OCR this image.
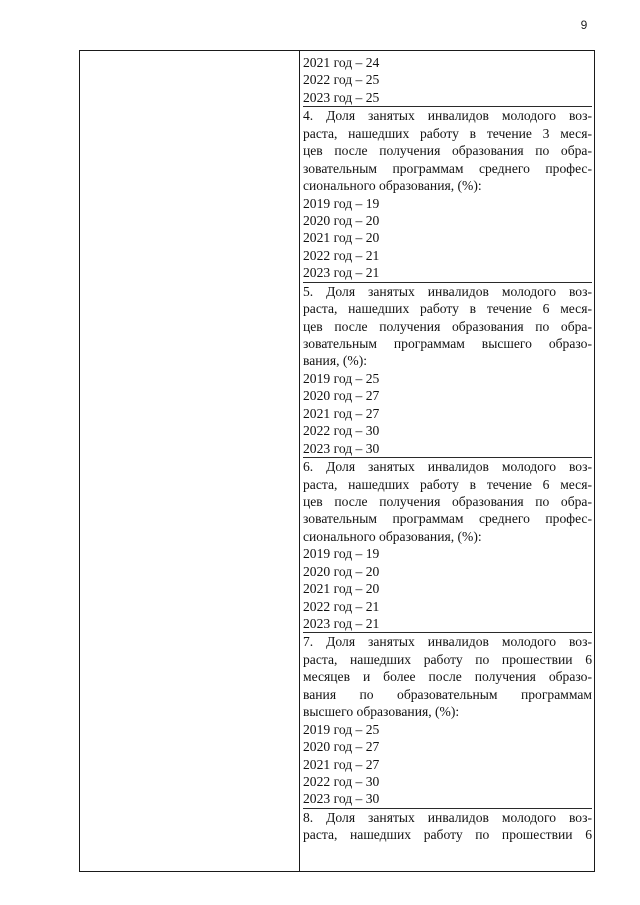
9
2021 год – 24
2022 год – 25
2023 год – 25
4. Доля занятых инвалидов молодого воз-
раста, нашедших работу в течение 3 меся-
цев после получения образования по обра-
зовательным программам среднего профес-
сионального образования, (%):
2019 год – 19
2020 год – 20
2021 год – 20
2022 год – 21
2023 год – 21
5. Доля занятых инвалидов молодого воз-
раста, нашедших работу в течение 6 меся-
цев после получения образования по обра-
зовательным программам высшего образо-
вания, (%):
2019 год – 25
2020 год – 27
2021 год – 27
2022 год – 30
2023 год – 30
6. Доля занятых инвалидов молодого воз-
раста, нашедших работу в течение 6 меся-
цев после получения образования по обра-
зовательным программам среднего профес-
сионального образования, (%):
2019 год – 19
2020 год – 20
2021 год – 20
2022 год – 21
2023 год – 21
7. Доля занятых инвалидов молодого воз-
раста, нашедших работу по прошествии 6
месяцев и более после получения образо-
вания по образовательным программам
высшего образования, (%):
2019 год – 25
2020 год – 27
2021 год – 27
2022 год – 30
2023 год – 30
8. Доля занятых инвалидов молодого воз-
раста, нашедших работу по прошествии 6
